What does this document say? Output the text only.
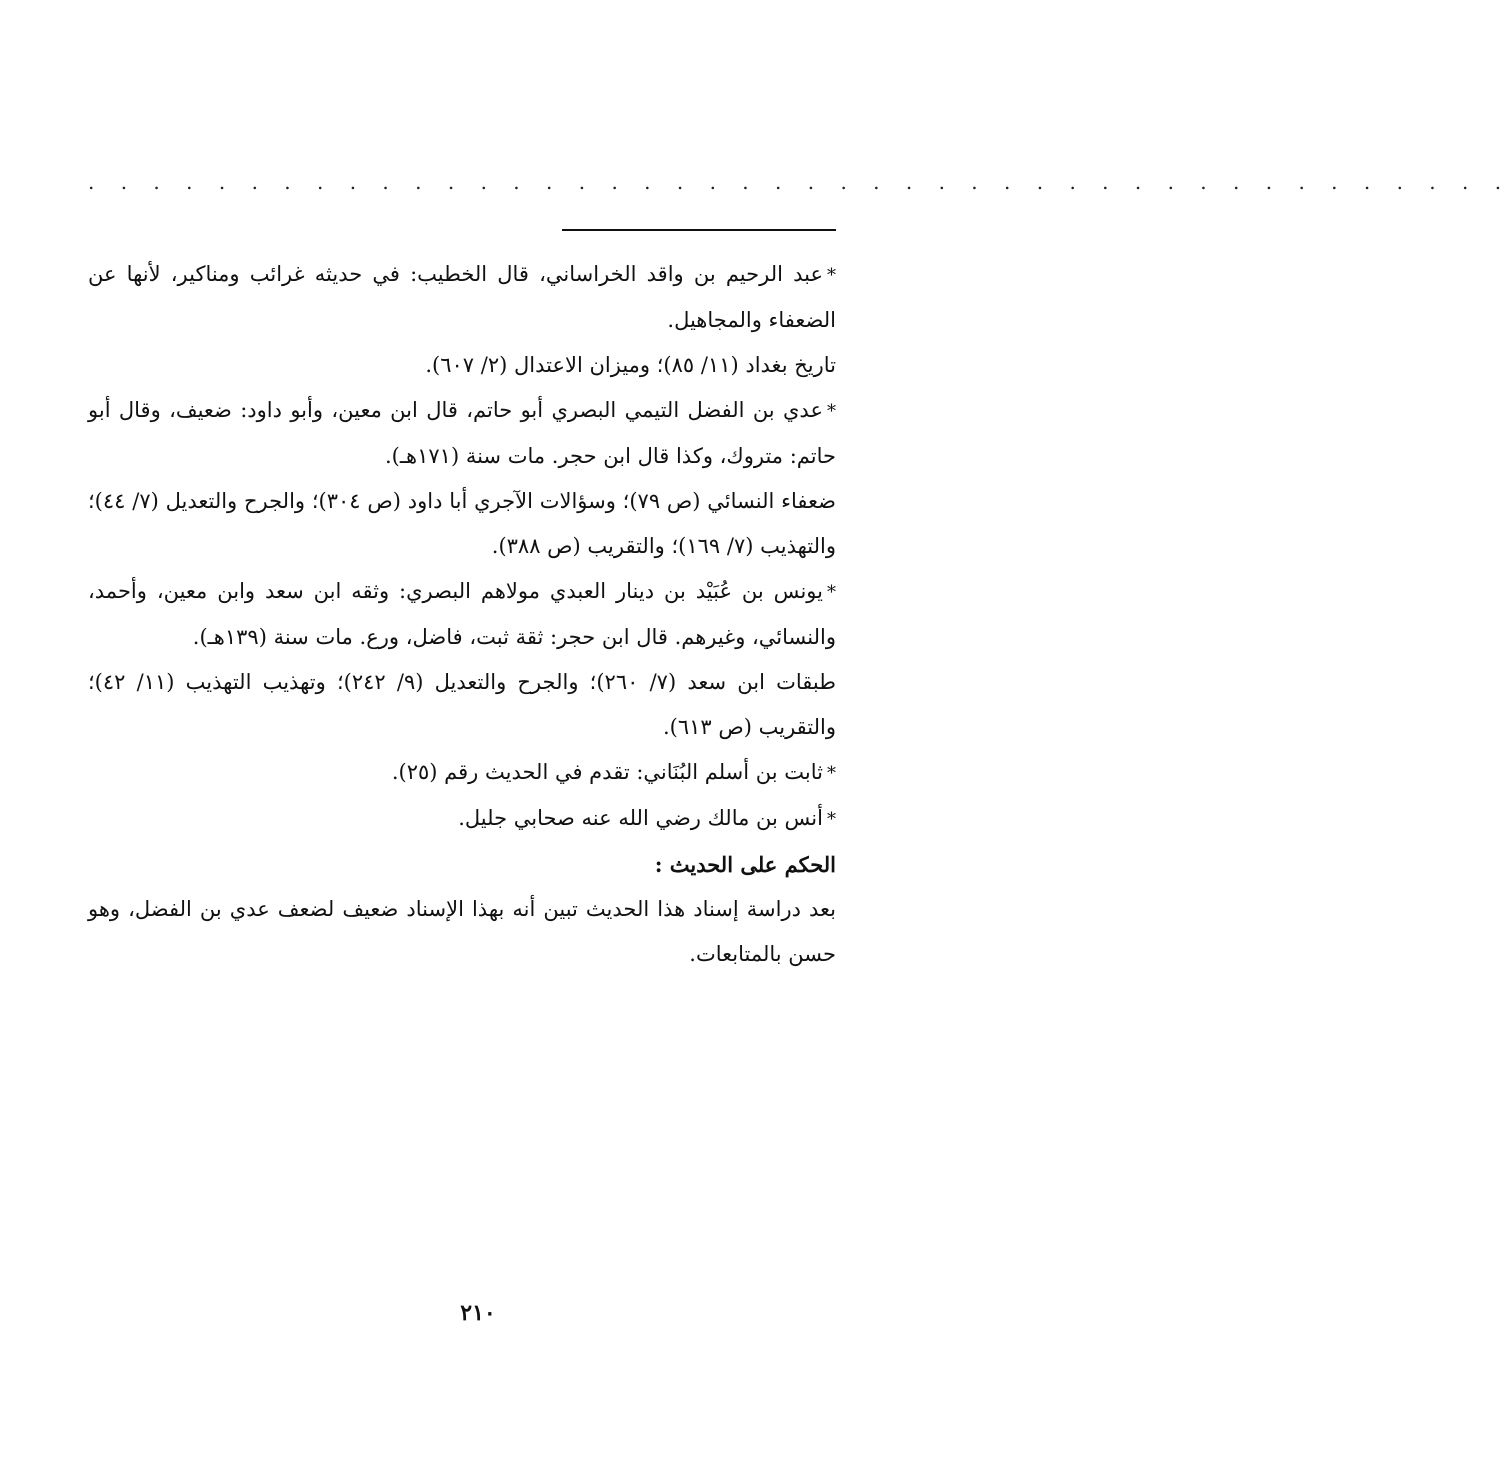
. . . . . . . . . . . . . . . . . . . . . . . . . . . . . . . . . . . . . . . . . . . .

*عبد الرحيم بن واقد الخراساني، قال الخطيب: في حديثه غرائب ومناكير، لأنها عن الضعفاء والمجاهيل.

تاريخ بغداد (١١/ ٨٥)؛ وميزان الاعتدال (٢/ ٦٠٧).

*عدي بن الفضل التيمي البصري أبو حاتم، قال ابن معين، وأبو داود: ضعيف، وقال أبو حاتم: متروك، وكذا قال ابن حجر. مات سنة (١٧١هـ).

ضعفاء النسائي (ص ٧٩)؛ وسؤالات الآجري أبا داود (ص ٣٠٤)؛ والجرح والتعديل (٧/ ٤٤)؛ والتهذيب (٧/ ١٦٩)؛ والتقريب (ص ٣٨٨).

*يونس بن عُبَيْد بن دينار العبدي مولاهم البصري: وثقه ابن سعد وابن معين، وأحمد، والنسائي، وغيرهم. قال ابن حجر: ثقة ثبت، فاضل، ورع. مات سنة (١٣٩هـ).

طبقات ابن سعد (٧/ ٢٦٠)؛ والجرح والتعديل (٩/ ٢٤٢)؛ وتهذيب التهذيب (١١/ ٤٢)؛ والتقريب (ص ٦١٣).

*ثابت بن أسلم البُنَاني: تقدم في الحديث رقم (٢٥).

*أنس بن مالك رضي الله عنه صحابي جليل.

الحكم على الحديث :

بعد دراسة إسناد هذا الحديث تبين أنه بهذا الإسناد ضعيف لضعف عدي بن الفضل، وهو حسن بالمتابعات.

٢١٠
